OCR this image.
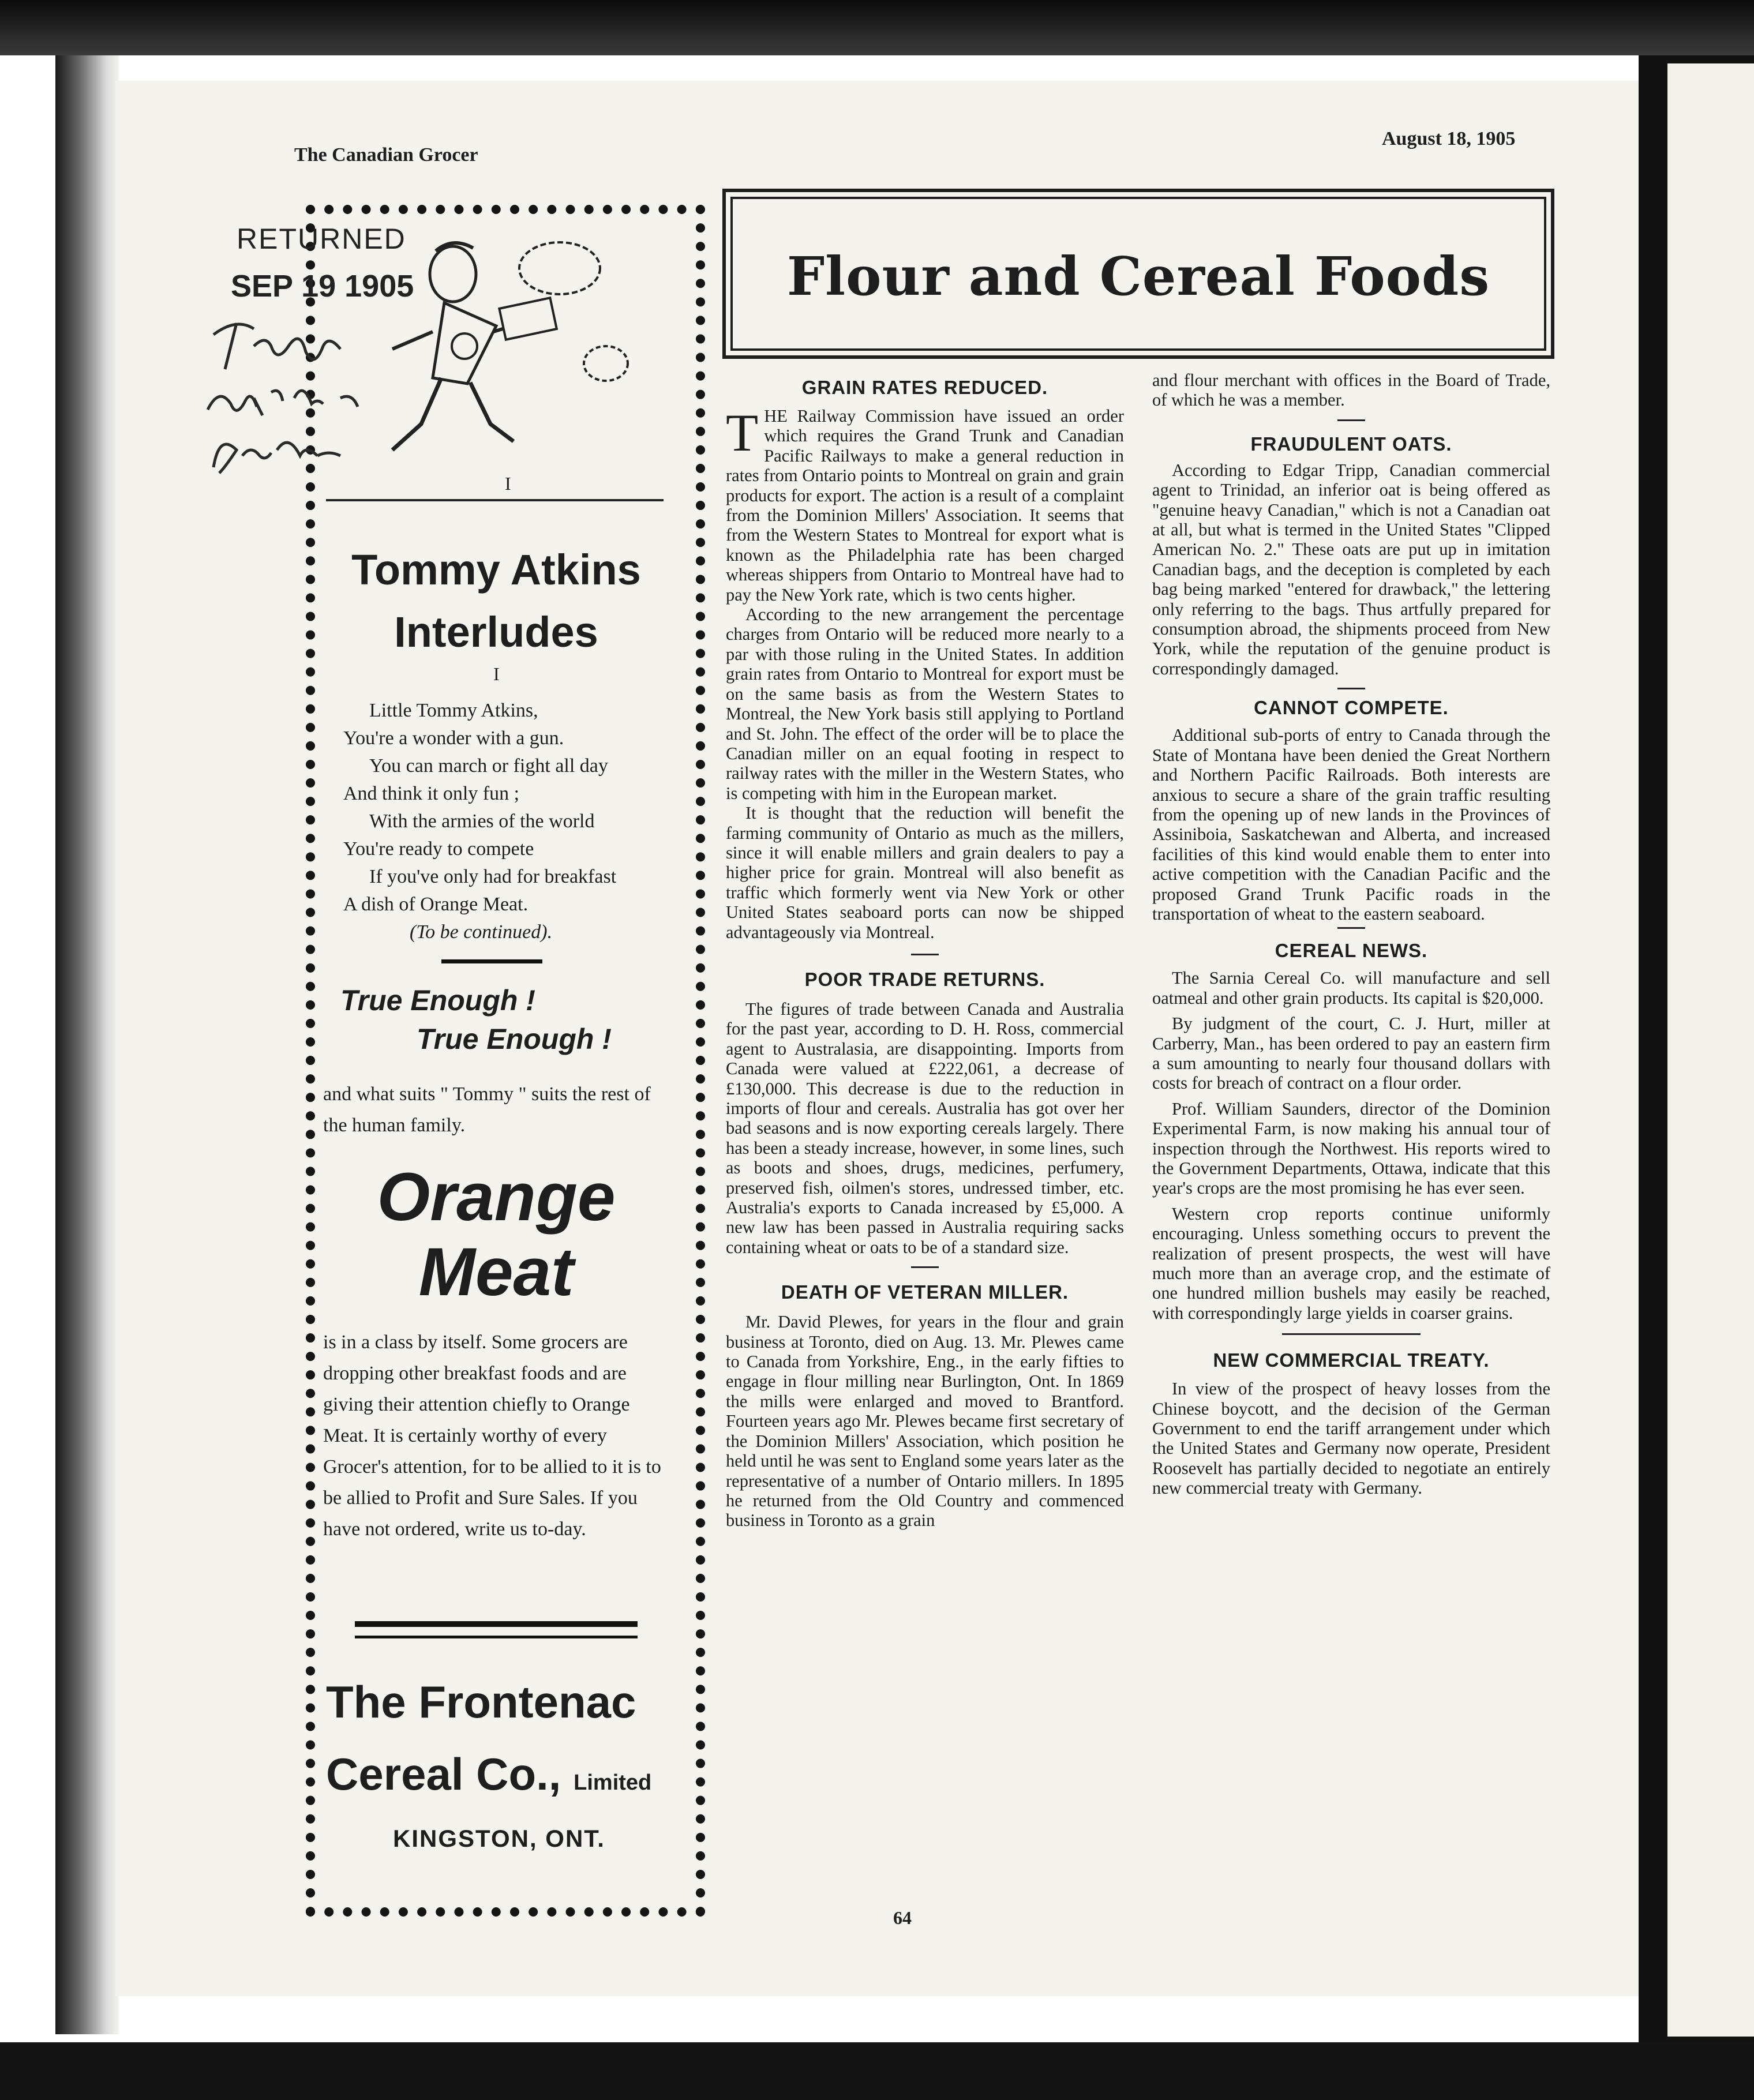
The Canadian Grocer
August 18, 1905
RETURNED
SEP 19 1905
I
Tommy Atkins
Interludes
I
Little Tommy Atkins,
You're a wonder with a gun.
You can march or fight all day
And think it only fun ;
With the armies of the world
You're ready to compete
If you've only had for breakfast
A dish of Orange Meat.
(To be continued).
True Enough !
True Enough !
and what suits " Tommy " suits the rest of the human family.
Orange
Meat
is in a class by itself. Some grocers are dropping other breakfast foods and are giving their attention chiefly to Orange Meat. It is certainly worthy of every Grocer's attention, for to be allied to it is to be allied to Profit and Sure Sales. If you have not ordered, write us to-day.
The Frontenac
Cereal Co., Limited
KINGSTON, ONT.
Flour and Cereal Foods
GRAIN RATES REDUCED.

THE Railway Commission have issued an order which requires the Grand Trunk and Canadian Pacific Railways to make a general reduction in rates from Ontario points to Montreal on grain and grain products for export. The action is a result of a complaint from the Dominion Millers' Association. It seems that from the Western States to Montreal for export what is known as the Philadelphia rate has been charged whereas shippers from Ontario to Montreal have had to pay the New York rate, which is two cents higher.

According to the new arrangement the percentage charges from Ontario will be reduced more nearly to a par with those ruling in the United States. In addition grain rates from Ontario to Montreal for export must be on the same basis as from the Western States to Montreal, the New York basis still applying to Portland and St. John. The effect of the order will be to place the Canadian miller on an equal footing in respect to railway rates with the miller in the Western States, who is competing with him in the European market.

It is thought that the reduction will benefit the farming community of Ontario as much as the millers, since it will enable millers and grain dealers to pay a higher price for grain. Montreal will also benefit as traffic which formerly went via New York or other United States seaboard ports can now be shipped advantageously via Montreal.

POOR TRADE RETURNS.

The figures of trade between Canada and Australia for the past year, according to D. H. Ross, commercial agent to Australasia, are disappointing. Imports from Canada were valued at £222,061, a decrease of £130,000. This decrease is due to the reduction in imports of flour and cereals. Australia has got over her bad seasons and is now exporting cereals largely. There has been a steady increase, however, in some lines, such as boots and shoes, drugs, medicines, perfumery, preserved fish, oilmen's stores, undressed timber, etc. Australia's exports to Canada increased by £5,000. A new law has been passed in Australia requiring sacks containing wheat or oats to be of a standard size.

DEATH OF VETERAN MILLER.

Mr. David Plewes, for years in the flour and grain business at Toronto, died on Aug. 13. Mr. Plewes came to Canada from Yorkshire, Eng., in the early fifties to engage in flour milling near Burlington, Ont. In 1869 the mills were enlarged and moved to Brantford. Fourteen years ago Mr. Plewes became first secretary of the Dominion Millers' Association, which position he held until he was sent to England some years later as the representative of a number of Ontario millers. In 1895 he returned from the Old Country and commenced business in Toronto as a grain

and flour merchant with offices in the Board of Trade, of which he was a member.

FRAUDULENT OATS.

According to Edgar Tripp, Canadian commercial agent to Trinidad, an inferior oat is being offered as "genuine heavy Canadian," which is not a Canadian oat at all, but what is termed in the United States "Clipped American No. 2." These oats are put up in imitation Canadian bags, and the deception is completed by each bag being marked "entered for drawback," the lettering only referring to the bags. Thus artfully prepared for consumption abroad, the shipments proceed from New York, while the reputation of the genuine product is correspondingly damaged.

CANNOT COMPETE.

Additional sub-ports of entry to Canada through the State of Montana have been denied the Great Northern and Northern Pacific Railroads. Both interests are anxious to secure a share of the grain traffic resulting from the opening up of new lands in the Provinces of Assiniboia, Saskatchewan and Alberta, and increased facilities of this kind would enable them to enter into active competition with the Canadian Pacific and the proposed Grand Trunk Pacific roads in the transportation of wheat to the eastern seaboard.

CEREAL NEWS.

The Sarnia Cereal Co. will manufacture and sell oatmeal and other grain products. Its capital is $20,000.

By judgment of the court, C. J. Hurt, miller at Carberry, Man., has been ordered to pay an eastern firm a sum amounting to nearly four thousand dollars with costs for breach of contract on a flour order.

Prof. William Saunders, director of the Dominion Experimental Farm, is now making his annual tour of inspection through the Northwest. His reports wired to the Government Departments, Ottawa, indicate that this year's crops are the most promising he has ever seen.

Western crop reports continue uniformly encouraging. Unless something occurs to prevent the realization of present prospects, the west will have much more than an average crop, and the estimate of one hundred million bushels may easily be reached, with correspondingly large yields in coarser grains.

NEW COMMERCIAL TREATY.

In view of the prospect of heavy losses from the Chinese boycott, and the decision of the German Government to end the tariff arrangement under which the United States and Germany now operate, President Roosevelt has partially decided to negotiate an entirely new commercial treaty with Germany.

64
